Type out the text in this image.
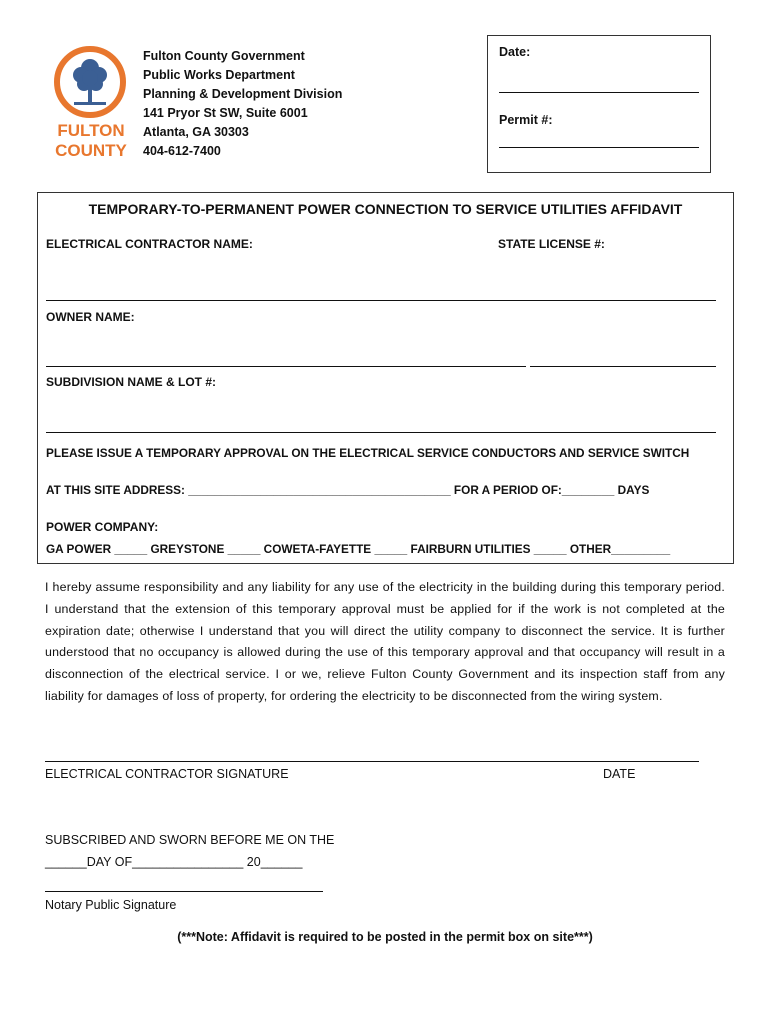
FULTON
COUNTY
Fulton County Government
Public Works Department
Planning & Development Division
141 Pryor St SW, Suite 6001
Atlanta, GA 30303
404-612-7400
Date:
Permit #:
TEMPORARY-TO-PERMANENT POWER CONNECTION TO SERVICE UTILITIES AFFIDAVIT
ELECTRICAL CONTRACTOR NAME:	STATE LICENSE #:
OWNER NAME:
SUBDIVISION NAME & LOT #:
PLEASE ISSUE A TEMPORARY APPROVAL ON THE ELECTRICAL SERVICE CONDUCTORS AND SERVICE SWITCH
AT THIS SITE ADDRESS: ________________________________________ FOR A PERIOD OF:________ DAYS
POWER COMPANY:
GA POWER _____ GREYSTONE _____ COWETA-FAYETTE _____ FAIRBURN UTILITIES _____ OTHER_________
I hereby assume responsibility and any liability for any use of the electricity in the building during this temporary period. I understand that the extension of this temporary approval must be applied for if the work is not completed at the expiration date; otherwise I understand that you will direct the utility company to disconnect the service. It is further understood that no occupancy is allowed during the use of this temporary approval and that occupancy will result in a disconnection of the electrical service. I or we, relieve Fulton County Government and its inspection staff from any liability for damages of loss of property, for ordering the electricity to be disconnected from the wiring system.
ELECTRICAL CONTRACTOR SIGNATURE	DATE
SUBSCRIBED AND SWORN BEFORE ME ON THE
______DAY OF________________ 20______
Notary Public Signature
(***Note: Affidavit is required to be posted in the permit box on site***)
